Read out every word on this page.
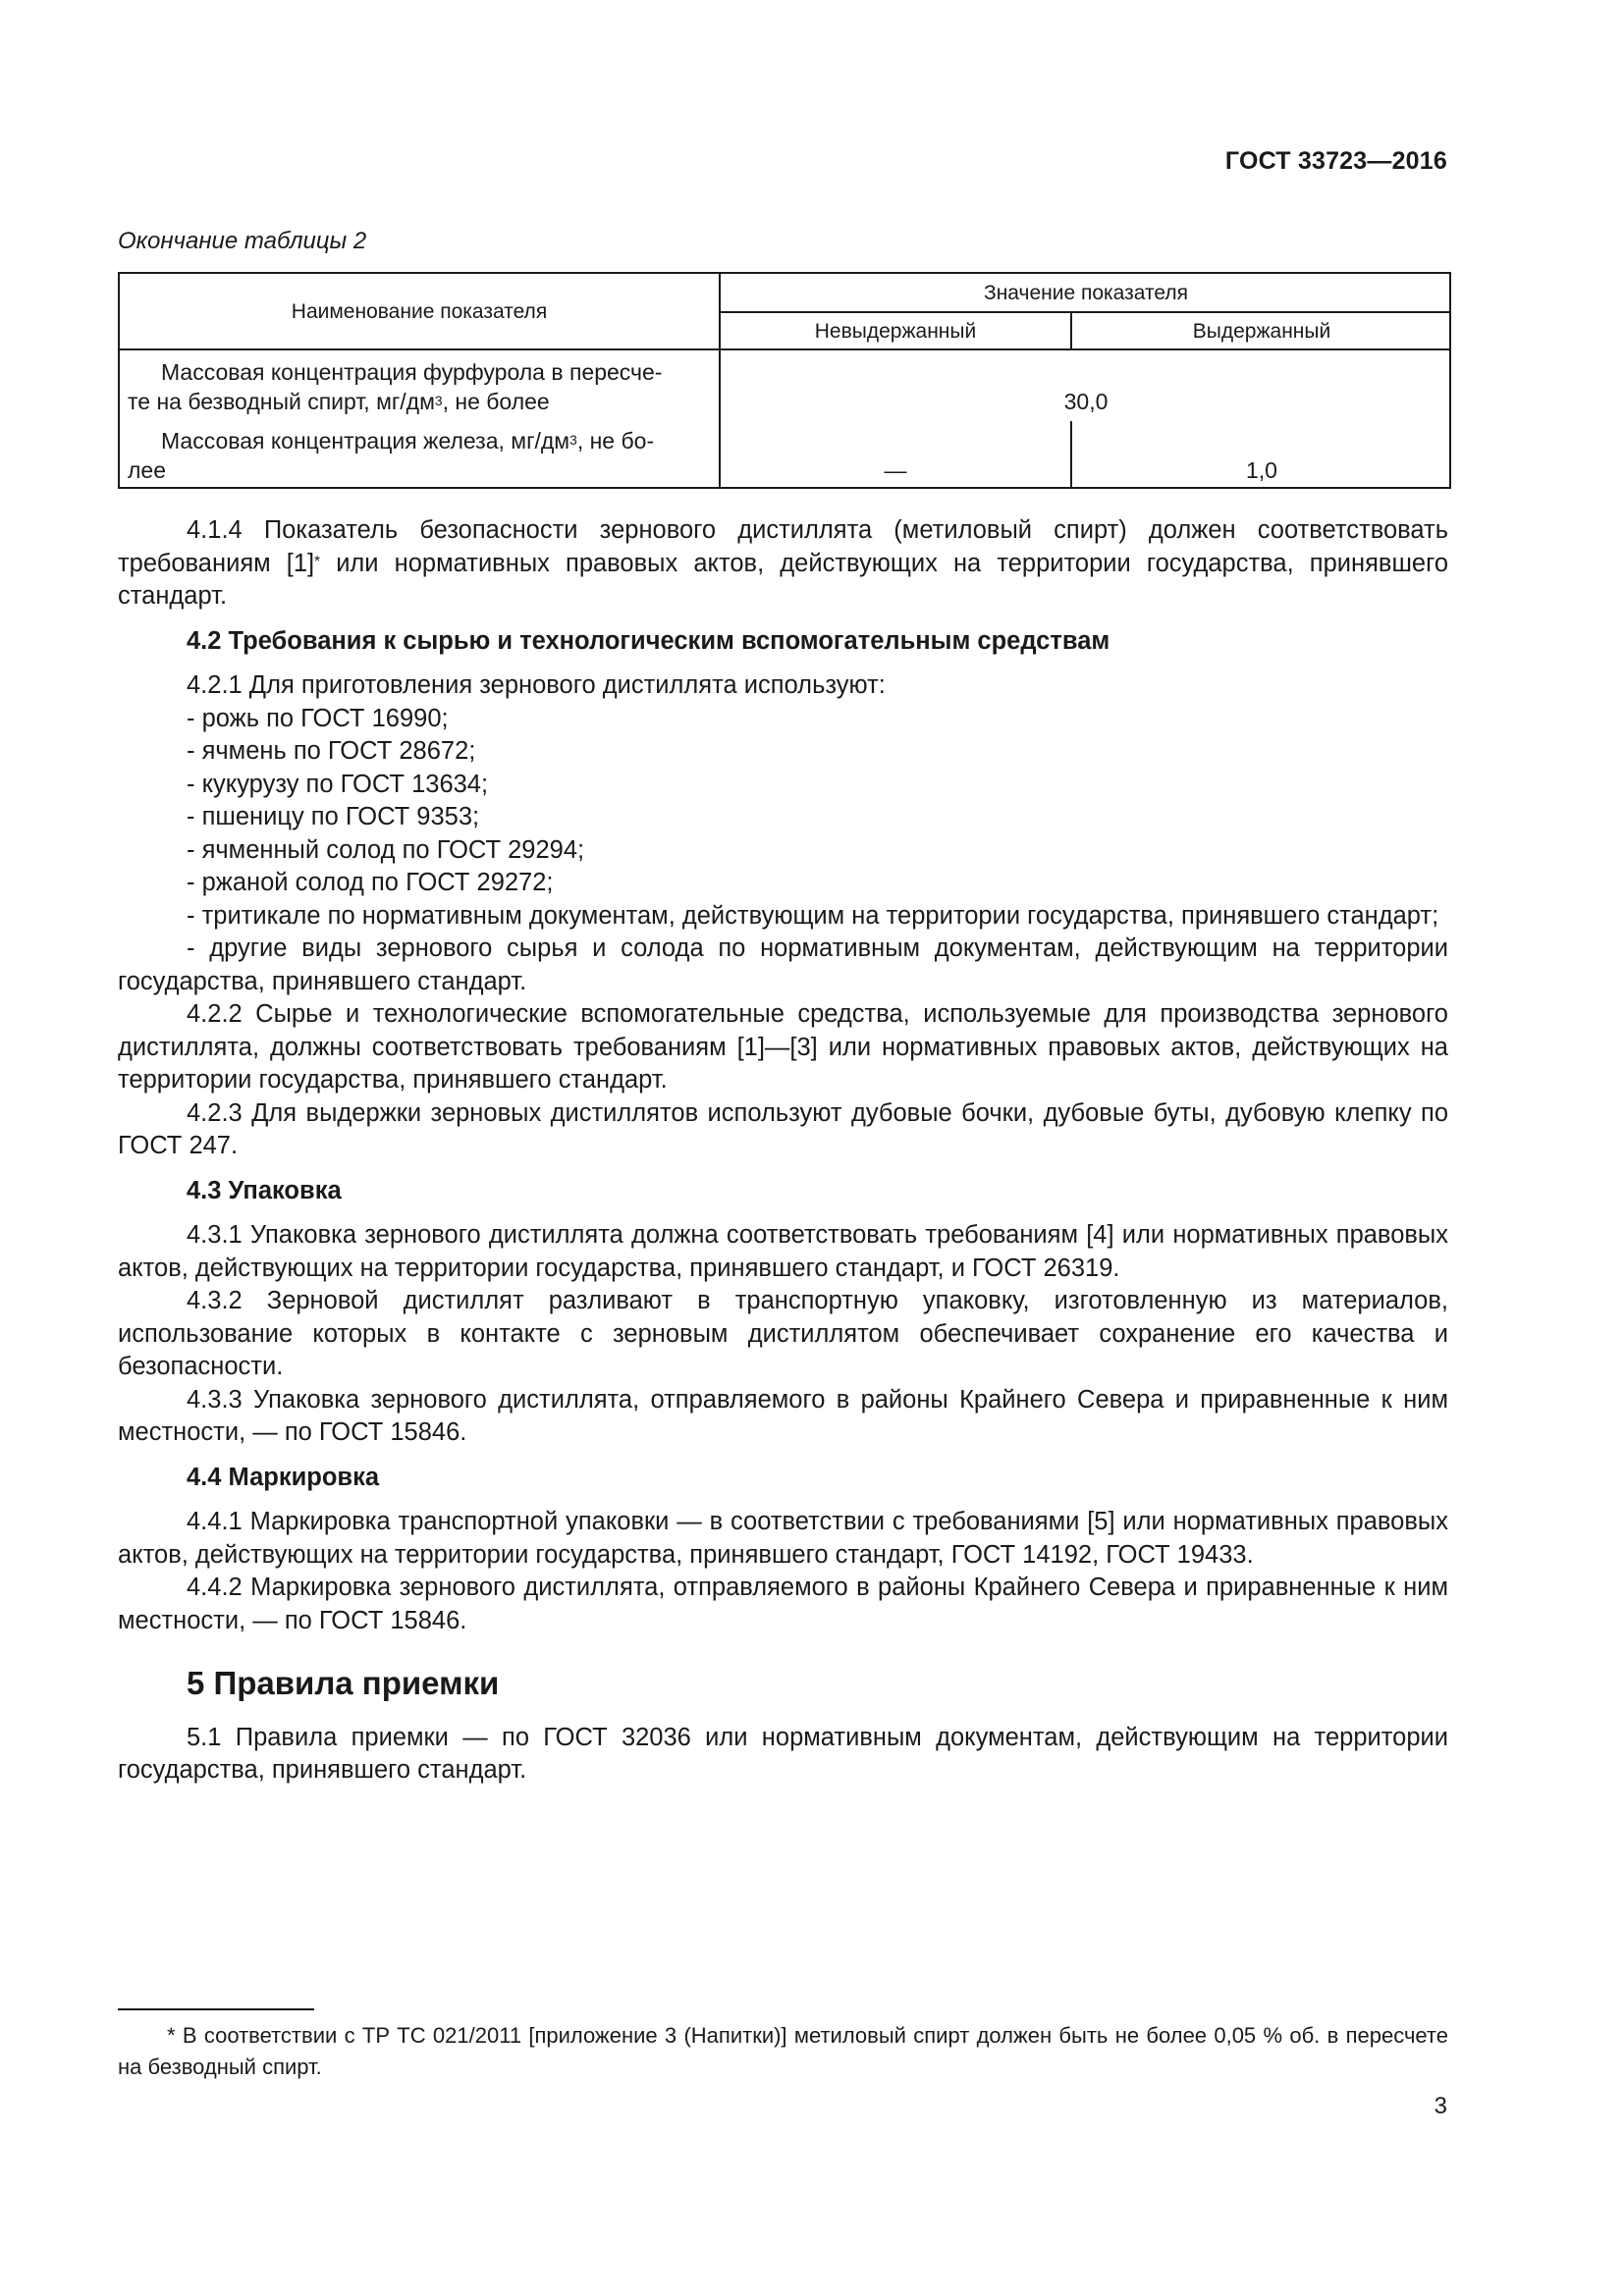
ГОСТ 33723—2016
Окончание таблицы 2
Наименование показателя
Значение показателя
Невыдержанный	Выдержанный
Массовая концентрация фурфурола в пересче-
те на безводный спирт, $мг/дм^3$, не более	30,0
Массовая концентрация железа, $мг/дм^3$, не бо-
лее	—	1,0

4.1.4 Показатель безопасности зернового дистиллята (метиловый спирт) должен соответствовать требованиям [1]* или нормативных правовых актов, действующих на территории государства, принявшего стандарт.

4.2 Требования к сырью и технологическим вспомогательным средствам

4.2.1 Для приготовления зернового дистиллята используют:

- рожь по ГОСТ 16990;

- ячмень по ГОСТ 28672;

- кукурузу по ГОСТ 13634;

- пшеницу по ГОСТ 9353;

- ячменный солод по ГОСТ 29294;

- ржаной солод по ГОСТ 29272;

- тритикале по нормативным документам, действующим на территории государства, принявшего стандарт;

- другие виды зернового сырья и солода по нормативным документам, действующим на территории государства, принявшего стандарт.

4.2.2 Сырье и технологические вспомогательные средства, используемые для производства зернового дистиллята, должны соответствовать требованиям [1]—[3] или нормативных правовых актов, действующих на территории государства, принявшего стандарт.

4.2.3 Для выдержки зерновых дистиллятов используют дубовые бочки, дубовые буты, дубовую клепку по ГОСТ 247.

4.3 Упаковка

4.3.1 Упаковка зернового дистиллята должна соответствовать требованиям [4] или нормативных правовых актов, действующих на территории государства, принявшего стандарт, и ГОСТ 26319.

4.3.2 Зерновой дистиллят разливают в транспортную упаковку, изготовленную из материалов, использование которых в контакте с зерновым дистиллятом обеспечивает сохранение его качества и безопасности.

4.3.3 Упаковка зернового дистиллята, отправляемого в районы Крайнего Севера и приравненные к ним местности, — по ГОСТ 15846.

4.4 Маркировка

4.4.1 Маркировка транспортной упаковки — в соответствии с требованиями [5] или нормативных правовых актов, действующих на территории государства, принявшего стандарт, ГОСТ 14192, ГОСТ 19433.

4.4.2 Маркировка зернового дистиллята, отправляемого в районы Крайнего Севера и приравненные к ним местности, — по ГОСТ 15846.

5 Правила приемки

5.1 Правила приемки — по ГОСТ 32036 или нормативным документам, действующим на территории государства, принявшего стандарт.

* В соответствии с ТР ТС 021/2011 [приложение 3 (Напитки)] метиловый спирт должен быть не более 0,05 % об. в пересчете на безводный спирт.
3
